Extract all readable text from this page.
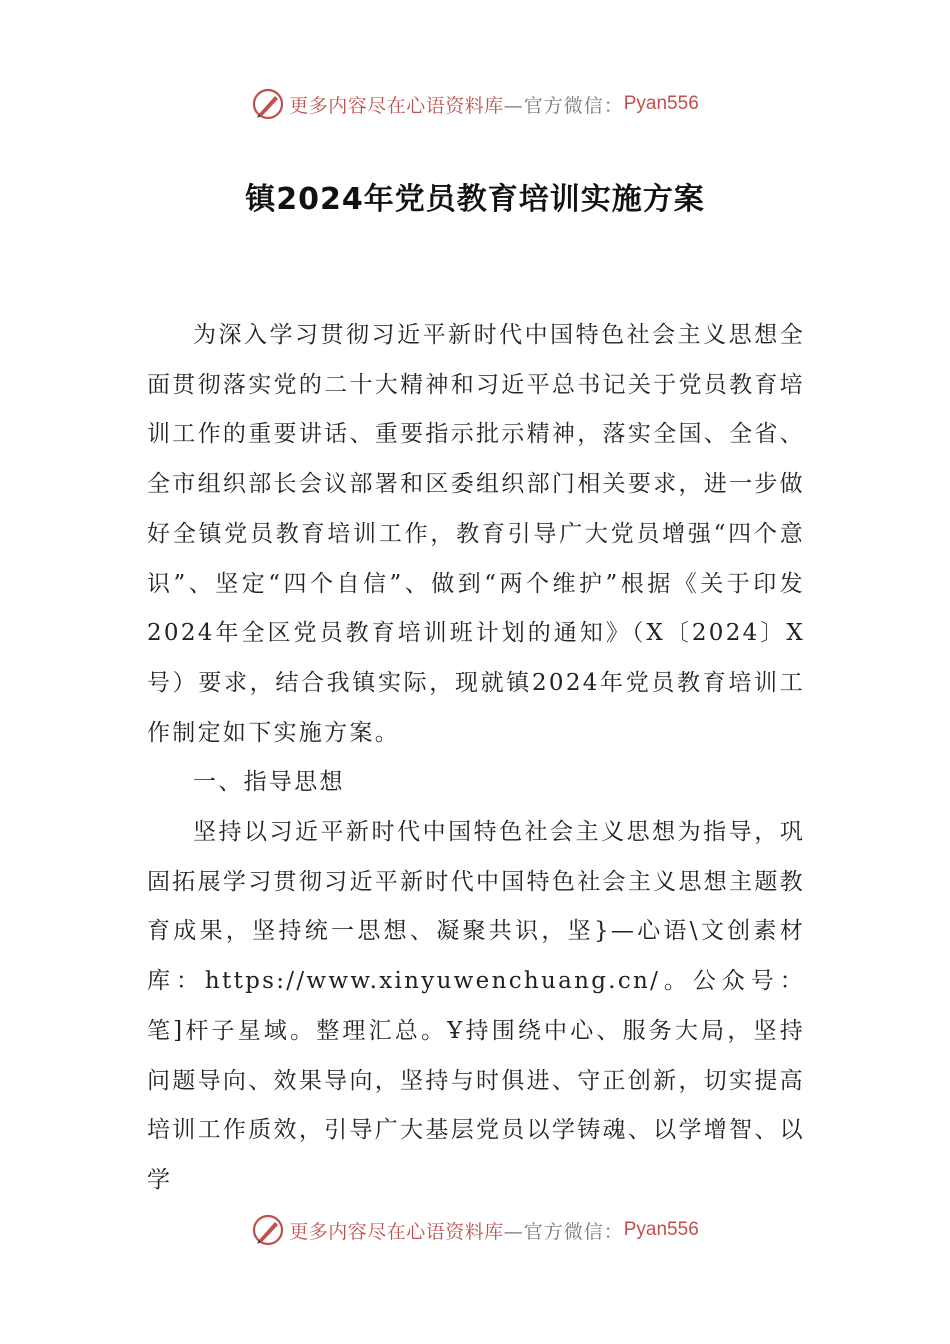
更多内容尽在心语资料库 —官方微信： Pyan556
镇2024年党员教育培训实施方案

为深入学习贯彻习近平新时代中国特色社会主义思想全面贯彻落实党的二十大精神和习近平总书记关于党员教育培训工作的重要讲话、重要指示批示精神，落实全国、全省、全市组织部长会议部署和区委组织部门相关要求，进一步做好全镇党员教育培训工作，教育引导广大党员增强“四个意识”、坚定“四个自信”、做到“两个维护”根据《关于印发2024年全区党员教育培训班计划的通知》（X〔2024〕X号）要求，结合我镇实际，现就镇2024年党员教育培训工作制定如下实施方案。

一、指导思想

坚持以习近平新时代中国特色社会主义思想为指导，巩固拓展学习贯彻习近平新时代中国特色社会主义思想主题教育成果，坚持统一思想、凝聚共识，坚}—心语\文创素材库：https://www.xinyuwenchuang.cn/。公众号：笔]杆子星域。整理汇总。Ұ持围绕中心、服务大局，坚持问题导向、效果导向，坚持与时俱进、守正创新，切实提高培训工作质效，引导广大基层党员以学铸魂、以学增智、以学

更多内容尽在心语资料库 —官方微信： Pyan556
